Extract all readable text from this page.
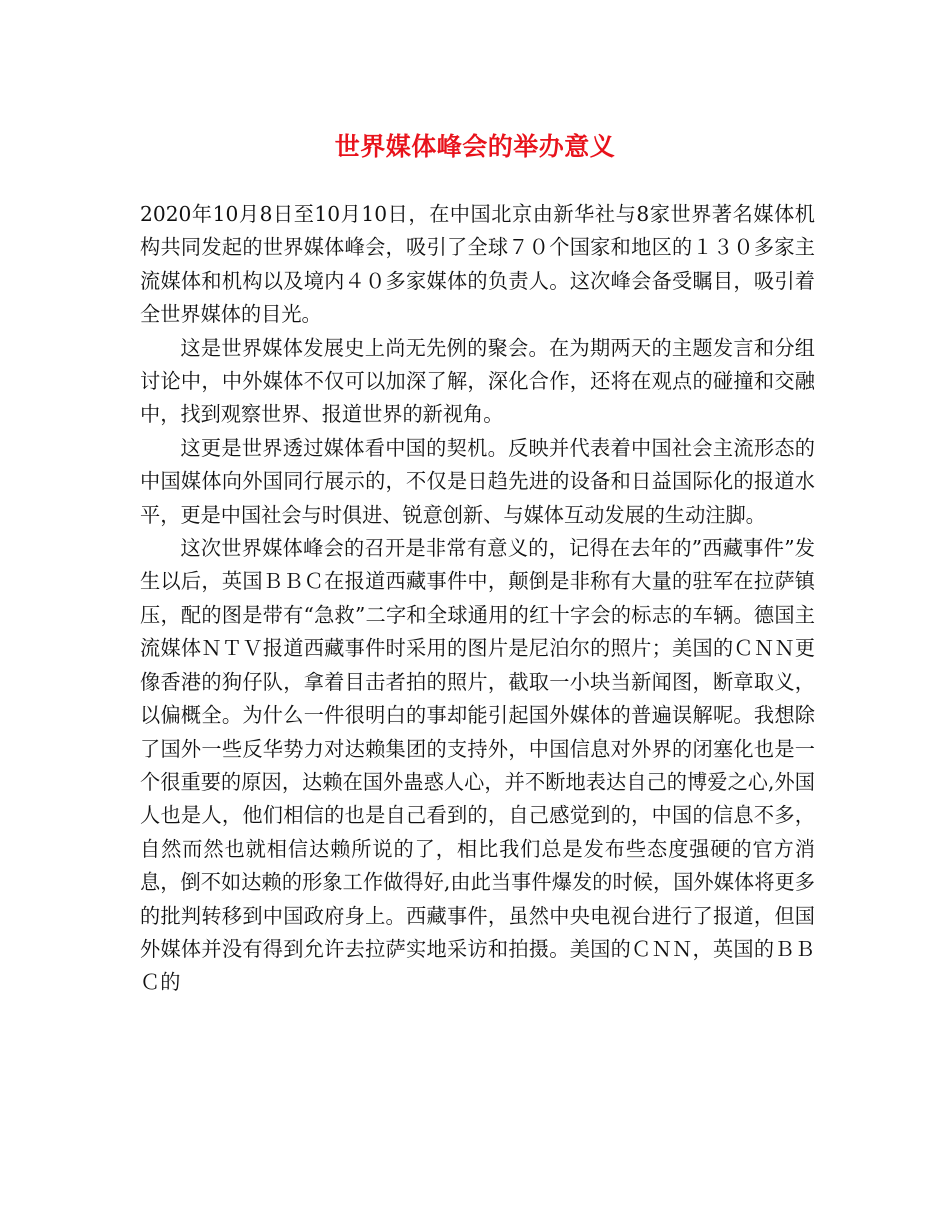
世界媒体峰会的举办意义

2020年10月8日至10月10日，在中国北京由新华社与8家世界著名媒体机构共同发起的世界媒体峰会，吸引了全球７０个国家和地区的１３０多家主流媒体和机构以及境内４０多家媒体的负责人。这次峰会备受瞩目，吸引着全世界媒体的目光。

这是世界媒体发展史上尚无先例的聚会。在为期两天的主题发言和分组讨论中，中外媒体不仅可以加深了解，深化合作，还将在观点的碰撞和交融中，找到观察世界、报道世界的新视角。

这更是世界透过媒体看中国的契机。反映并代表着中国社会主流形态的中国媒体向外国同行展示的，不仅是日趋先进的设备和日益国际化的报道水平，更是中国社会与时俱进、锐意创新、与媒体互动发展的生动注脚。

这次世界媒体峰会的召开是非常有意义的，记得在去年的”西藏事件”发生以后，英国ＢＢＣ在报道西藏事件中，颠倒是非称有大量的驻军在拉萨镇压，配的图是带有“急救”二字和全球通用的红十字会的标志的车辆。德国主流媒体ＮＴＶ报道西藏事件时采用的图片是尼泊尔的照片；美国的ＣＮＮ更像香港的狗仔队，拿着目击者拍的照片，截取一小块当新闻图，断章取义，以偏概全。为什么一件很明白的事却能引起国外媒体的普遍误解呢。我想除了国外一些反华势力对达赖集团的支持外，中国信息对外界的闭塞化也是一个很重要的原因，达赖在国外蛊惑人心，并不断地表达自己的博爱之心,外国人也是人，他们相信的也是自己看到的，自己感觉到的，中国的信息不多，自然而然也就相信达赖所说的了，相比我们总是发布些态度强硬的官方消息，倒不如达赖的形象工作做得好,由此当事件爆发的时候，国外媒体将更多的批判转移到中国政府身上。西藏事件，虽然中央电视台进行了报道，但国外媒体并没有得到允许去拉萨实地采访和拍摄。美国的ＣＮＮ，英国的ＢＢＣ的
